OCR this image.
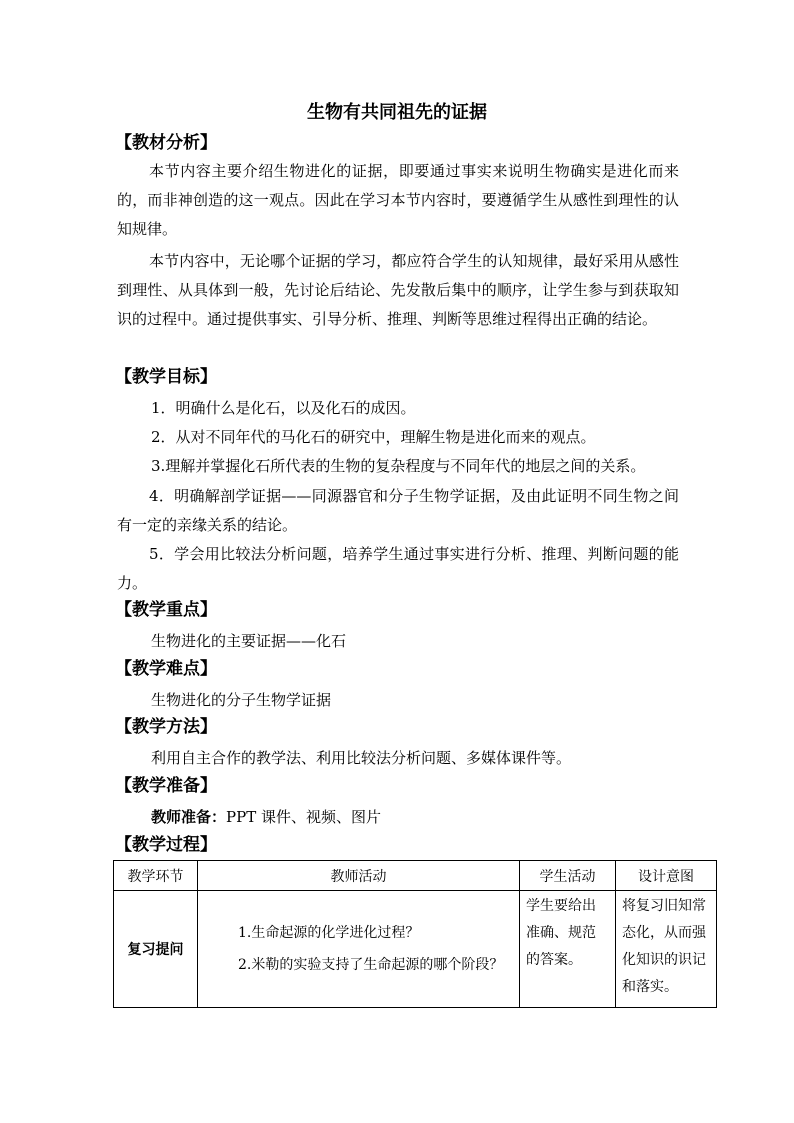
生物有共同祖先的证据
【教材分析】

本节内容主要介绍生物进化的证据，即要通过事实来说明生物确实是进化而来的，而非神创造的这一观点。因此在学习本节内容时，要遵循学生从感性到理性的认知规律。

本节内容中，无论哪个证据的学习，都应符合学生的认知规律，最好采用从感性到理性、从具体到一般，先讨论后结论、先发散后集中的顺序，让学生参与到获取知识的过程中。通过提供事实、引导分析、推理、判断等思维过程得出正确的结论。

【教学目标】

1．明确什么是化石，以及化石的成因。

2．从对不同年代的马化石的研究中，理解生物是进化而来的观点。

3.理解并掌握化石所代表的生物的复杂程度与不同年代的地层之间的关系。

4．明确解剖学证据——同源器官和分子生物学证据，及由此证明不同生物之间有一定的亲缘关系的结论。

5．学会用比较法分析问题，培养学生通过事实进行分析、推理、判断问题的能力。

【教学重点】

生物进化的主要证据——化石

【教学难点】

生物进化的分子生物学证据

【教学方法】

利用自主合作的教学法、利用比较法分析问题、多媒体课件等。

【教学准备】

教师准备：PPT 课件、视频、图片

【教学过程】
教学环节	教师活动	学生活动	设计意图
复习提问	1.生命起源的化学进化过程？

2.米勒的实验支持了生命起源的哪个阶段？	学生要给出准确、规范的答案。	将复习旧知常态化，从而强化知识的识记和落实。
